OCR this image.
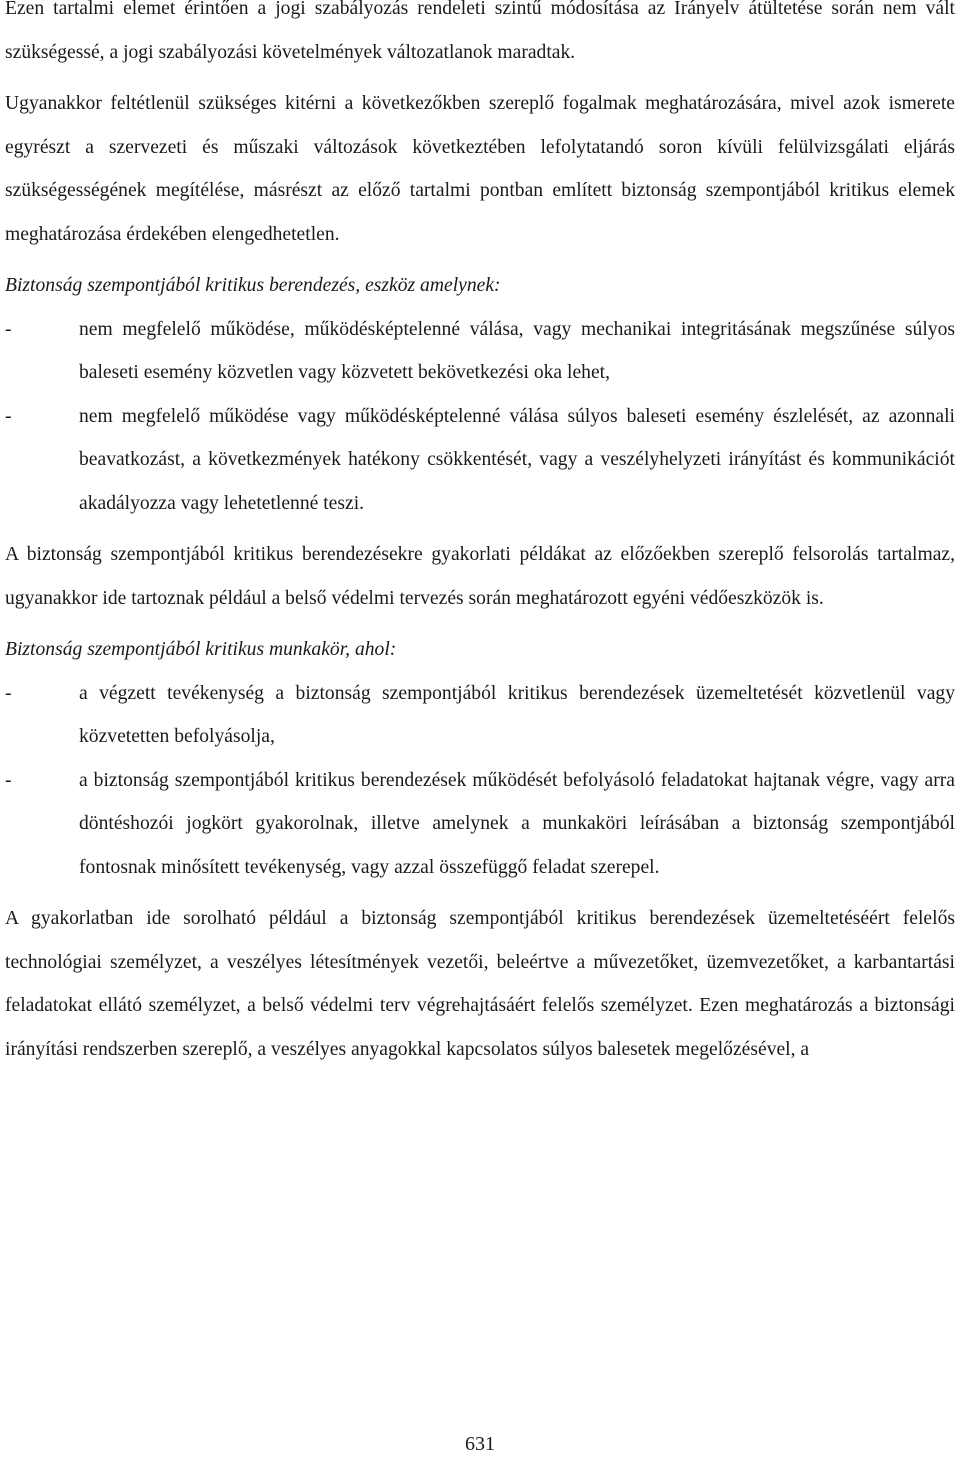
Ezen tartalmi elemet érintően a jogi szabályozás rendeleti szintű módosítása az Irányelv átültetése során nem vált szükségessé, a jogi szabályozási követelmények változatlanok maradtak.

Ugyanakkor feltétlenül szükséges kitérni a következőkben szereplő fogalmak meghatározására, mivel azok ismerete egyrészt a szervezeti és műszaki változások következtében lefolytatandó soron kívüli felülvizsgálati eljárás szükségességének megítélése, másrészt az előző tartalmi pontban említett biztonság szempontjából kritikus elemek meghatározása érdekében elengedhetetlen.

Biztonság szempontjából kritikus berendezés, eszköz amelynek:

-	nem megfelelő működése, működésképtelenné válása, vagy mechanikai integritásának megszűnése súlyos baleseti esemény közvetlen vagy közvetett bekövetkezési oka lehet,
-	nem megfelelő működése vagy működésképtelenné válása súlyos baleseti esemény észlelését, az azonnali beavatkozást, a következmények hatékony csökkentését, vagy a veszélyhelyzeti irányítást és kommunikációt akadályozza vagy lehetetlenné teszi.

A biztonság szempontjából kritikus berendezésekre gyakorlati példákat az előzőekben szereplő felsorolás tartalmaz, ugyanakkor ide tartoznak például a belső védelmi tervezés során meghatározott egyéni védőeszközök is.

Biztonság szempontjából kritikus munkakör, ahol:

-	a végzett tevékenység a biztonság szempontjából kritikus berendezések üzemeltetését közvetlenül vagy közvetetten befolyásolja,
-	a biztonság szempontjából kritikus berendezések működését befolyásoló feladatokat hajtanak végre, vagy arra döntéshozói jogkört gyakorolnak, illetve amelynek a munkaköri leírásában a biztonság szempontjából fontosnak minősített tevékenység, vagy azzal összefüggő feladat szerepel.

A gyakorlatban ide sorolható például a biztonság szempontjából kritikus berendezések üzemeltetéséért felelős technológiai személyzet, a veszélyes létesítmények vezetői, beleértve a művezetőket, üzemvezetőket, a karbantartási feladatokat ellátó személyzet, a belső védelmi terv végrehajtásáért felelős személyzet. Ezen meghatározás a biztonsági irányítási rendszerben szereplő, a veszélyes anyagokkal kapcsolatos súlyos balesetek megelőzésével, a

631
